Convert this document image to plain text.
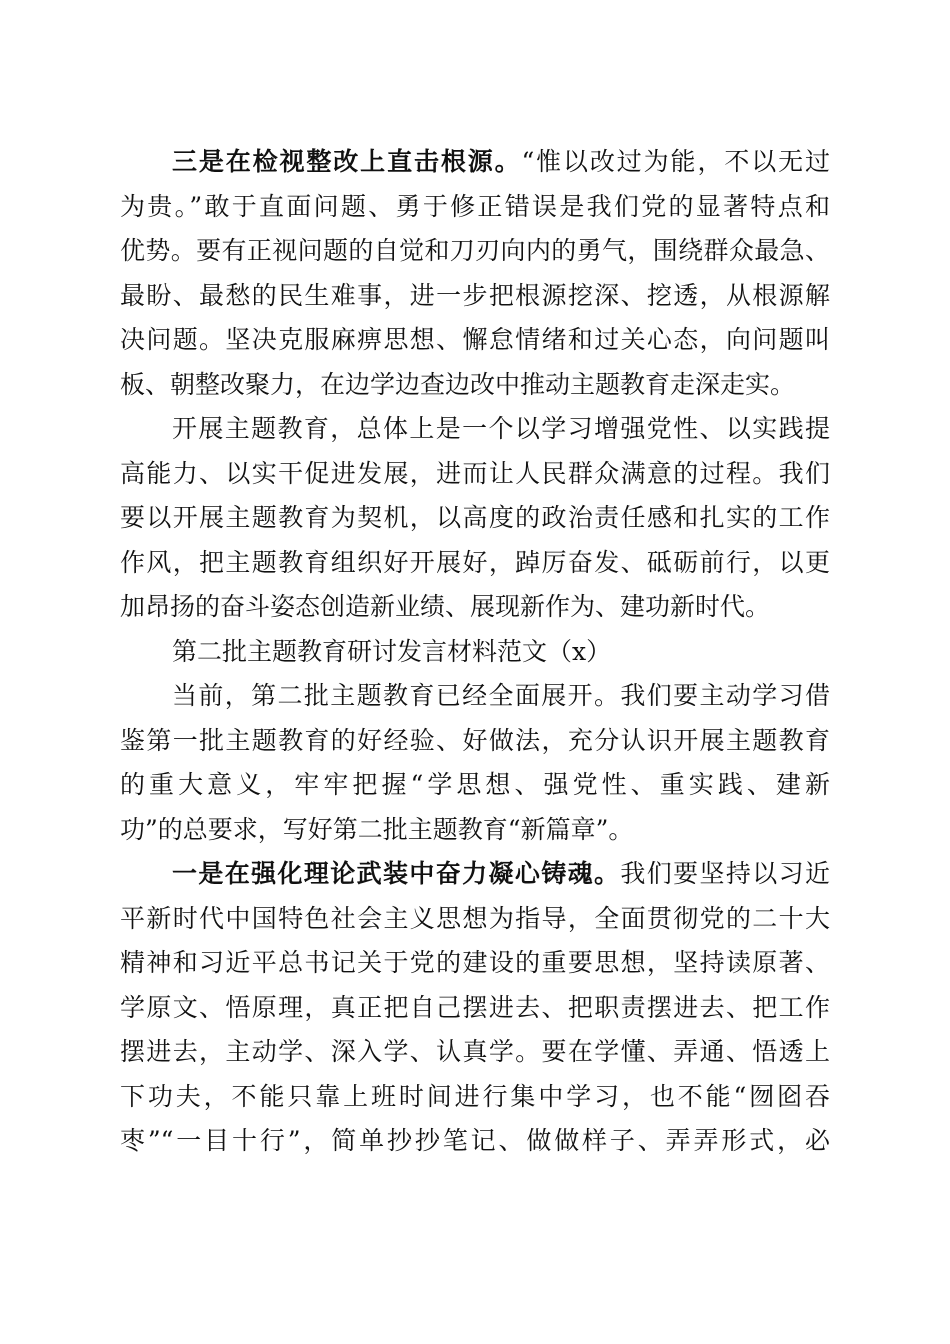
三是在检视整改上直击根源。“惟以改过为能，不以无过
为贵。”敢于直面问题、勇于修正错误是我们党的显著特点和
优势。要有正视问题的自觉和刀刃向内的勇气，围绕群众最急、
最盼、最愁的民生难事，进一步把根源挖深、挖透，从根源解
决问题。坚决克服麻痹思想、懈怠情绪和过关心态，向问题叫
板、朝整改聚力，在边学边查边改中推动主题教育走深走实。
开展主题教育，总体上是一个以学习增强党性、以实践提
高能力、以实干促进发展，进而让人民群众满意的过程。我们
要以开展主题教育为契机，以高度的政治责任感和扎实的工作
作风，把主题教育组织好开展好，踔厉奋发、砥砺前行，以更
加昂扬的奋斗姿态创造新业绩、展现新作为、建功新时代。
第二批主题教育研讨发言材料范文（x）
当前，第二批主题教育已经全面展开。我们要主动学习借
鉴第一批主题教育的好经验、好做法，充分认识开展主题教育
的重大意义，牢牢把握“学思想、强党性、重实践、建新
功”的总要求，写好第二批主题教育“新篇章”。
一是在强化理论武装中奋力凝心铸魂。我们要坚持以习近
平新时代中国特色社会主义思想为指导，全面贯彻党的二十大
精神和习近平总书记关于党的建设的重要思想，坚持读原著、
学原文、悟原理，真正把自己摆进去、把职责摆进去、把工作
摆进去，主动学、深入学、认真学。要在学懂、弄通、悟透上
下功夫，不能只靠上班时间进行集中学习，也不能“囫囵吞
枣”“一目十行”，简单抄抄笔记、做做样子、弄弄形式，必
